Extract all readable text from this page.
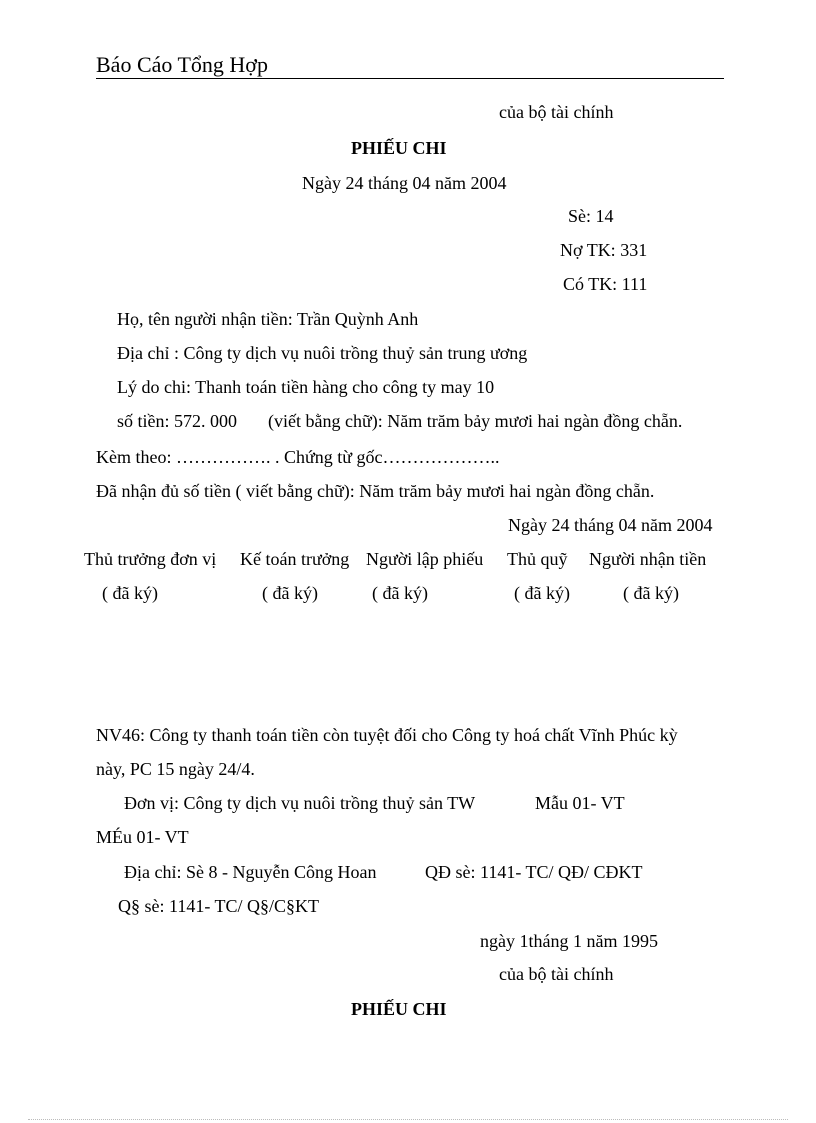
Báo Cáo Tổng Hợp
của bộ tài chính
PHIẾU CHI
Ngày 24 tháng 04 năm 2004
Sè: 14
Nợ TK: 331
Có TK: 111
Họ, tên người nhận tiền: Trần Quỳnh Anh
Địa chỉ : Công ty dịch vụ nuôi trồng thuỷ sản trung ương
Lý do chi: Thanh toán tiền hàng cho công ty may 10
số tiền: 572. 000 (viết bằng chữ): Năm trăm bảy mươi hai ngàn đồng chẵn.
Kèm theo: ……………. . Chứng từ gốc………………..
Đã nhận đủ số tiền ( viết bằng chữ): Năm trăm bảy mươi hai ngàn đồng chẵn.
Ngày 24 tháng 04 năm 2004
Thủ trưởng đơn vị Kế toán trưởng Người lập phiếu Thủ quỹ Người nhận tiền
( đã ký)	( đã ký)	( đã ký)	( đã ký)	( đã ký)
NV46: Công ty thanh toán tiền còn tuyệt đối cho Công ty hoá chất Vĩnh Phúc kỳ
này, PC 15 ngày 24/4.
Đơn vị: Công ty dịch vụ nuôi trồng thuỷ sản TW	Mẫu 01- VT
MÉu 01- VT
Địa chỉ: Sè 8 - Nguyễn Công Hoan	QĐ sè: 1141- TC/ QĐ/ CĐKT
Q§ sè: 1141- TC/ Q§/C§KT
ngày 1tháng 1 năm 1995
của bộ tài chính
PHIẾU CHI
